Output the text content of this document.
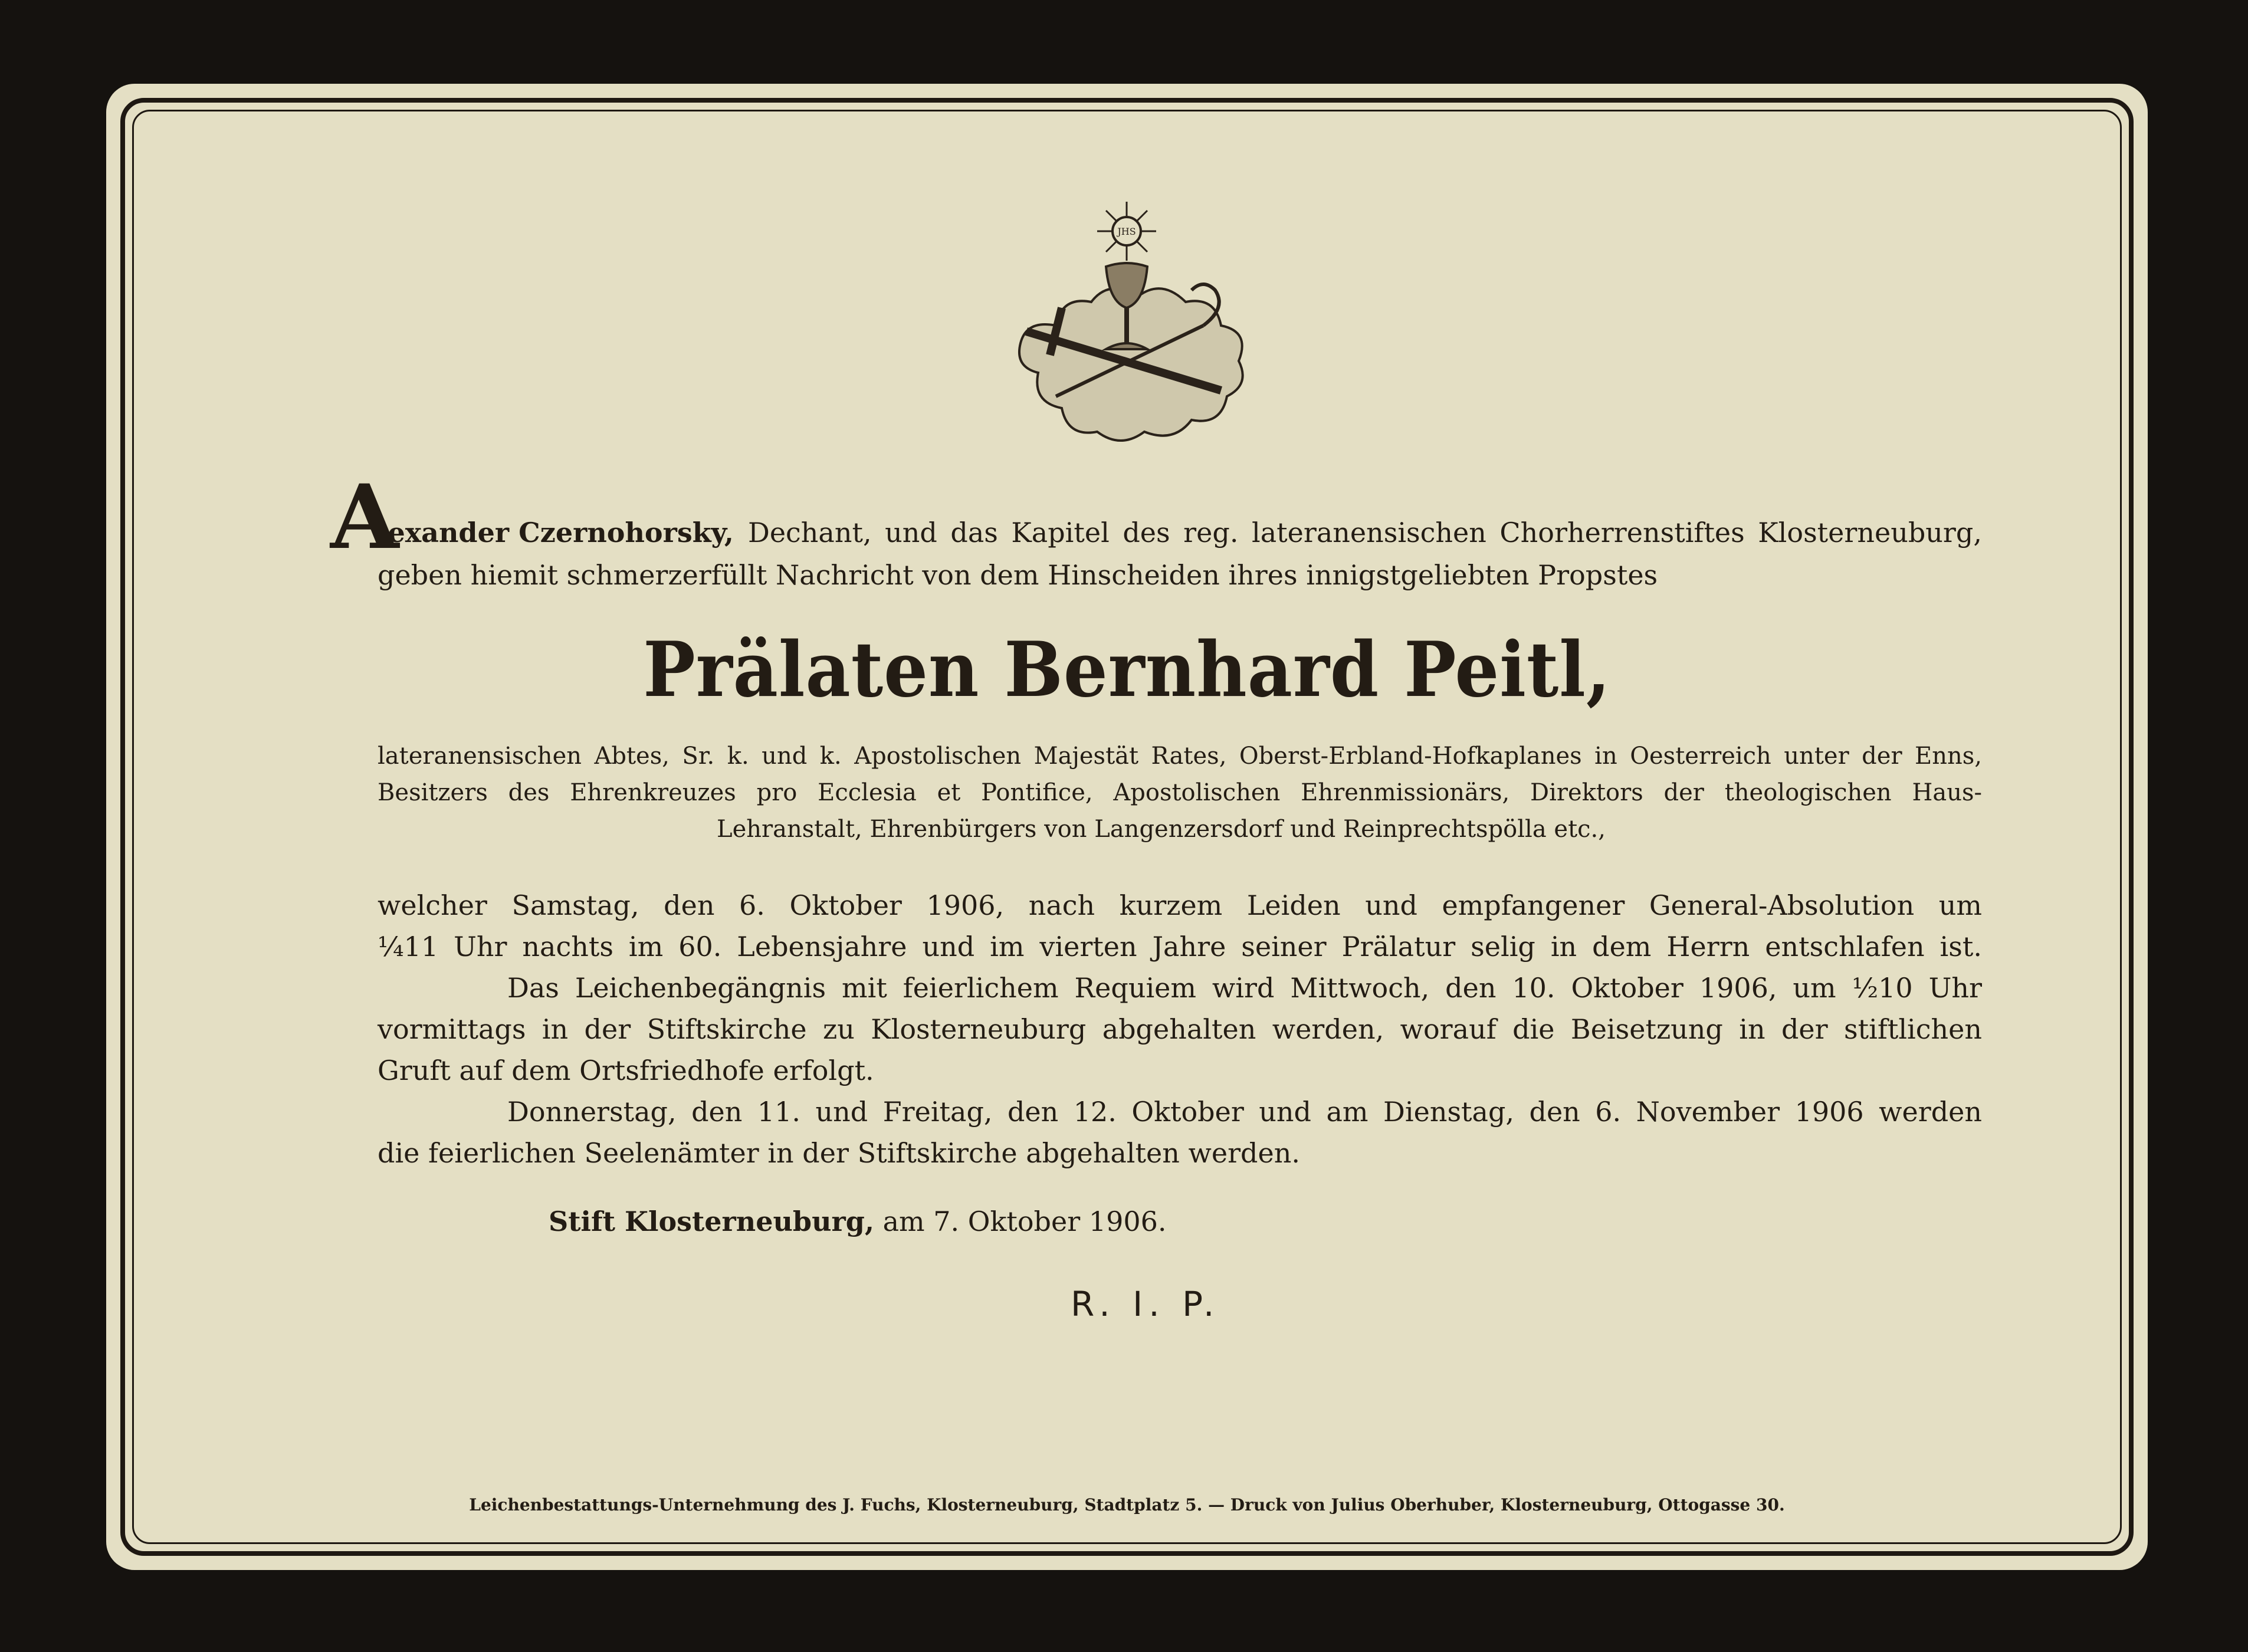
JHS
A
lexander Czernohorsky, Dechant, und das Kapitel des reg. lateranensischen Chorherrenstiftes Klosterneuburg,
geben hiemit schmerzerfüllt Nachricht von dem Hinscheiden ihres innigstgeliebten Propstes
Prälaten Bernhard Peitl,
lateranensischen Abtes, Sr. k. und k. Apostolischen Majestät Rates, Oberst-Erbland-Hofkaplanes in Oesterreich unter der Enns,
Besitzers des Ehrenkreuzes pro Ecclesia et Pontifice, Apostolischen Ehrenmissionärs, Direktors der theologischen Haus-
Lehranstalt, Ehrenbürgers von Langenzersdorf und Reinprechtspölla etc.,
welcher Samstag, den 6. Oktober 1906, nach kurzem Leiden und empfangener General-Absolution um
¼11 Uhr nachts im 60. Lebensjahre und im vierten Jahre seiner Prälatur selig in dem Herrn entschlafen ist.
Das Leichenbegängnis mit feierlichem Requiem wird Mittwoch, den 10. Oktober 1906, um ½10 Uhr
vormittags in der Stiftskirche zu Klosterneuburg abgehalten werden, worauf die Beisetzung in der stiftlichen
Gruft auf dem Ortsfriedhofe erfolgt.
Donnerstag, den 11. und Freitag, den 12. Oktober und am Dienstag, den 6. November 1906 werden
die feierlichen Seelenämter in der Stiftskirche abgehalten werden.
Stift Klosterneuburg, am 7. Oktober 1906.
R. I. P.
Leichenbestattungs-Unternehmung des J. Fuchs, Klosterneuburg, Stadtplatz 5. — Druck von Julius Oberhuber, Klosterneuburg, Ottogasse 30.
